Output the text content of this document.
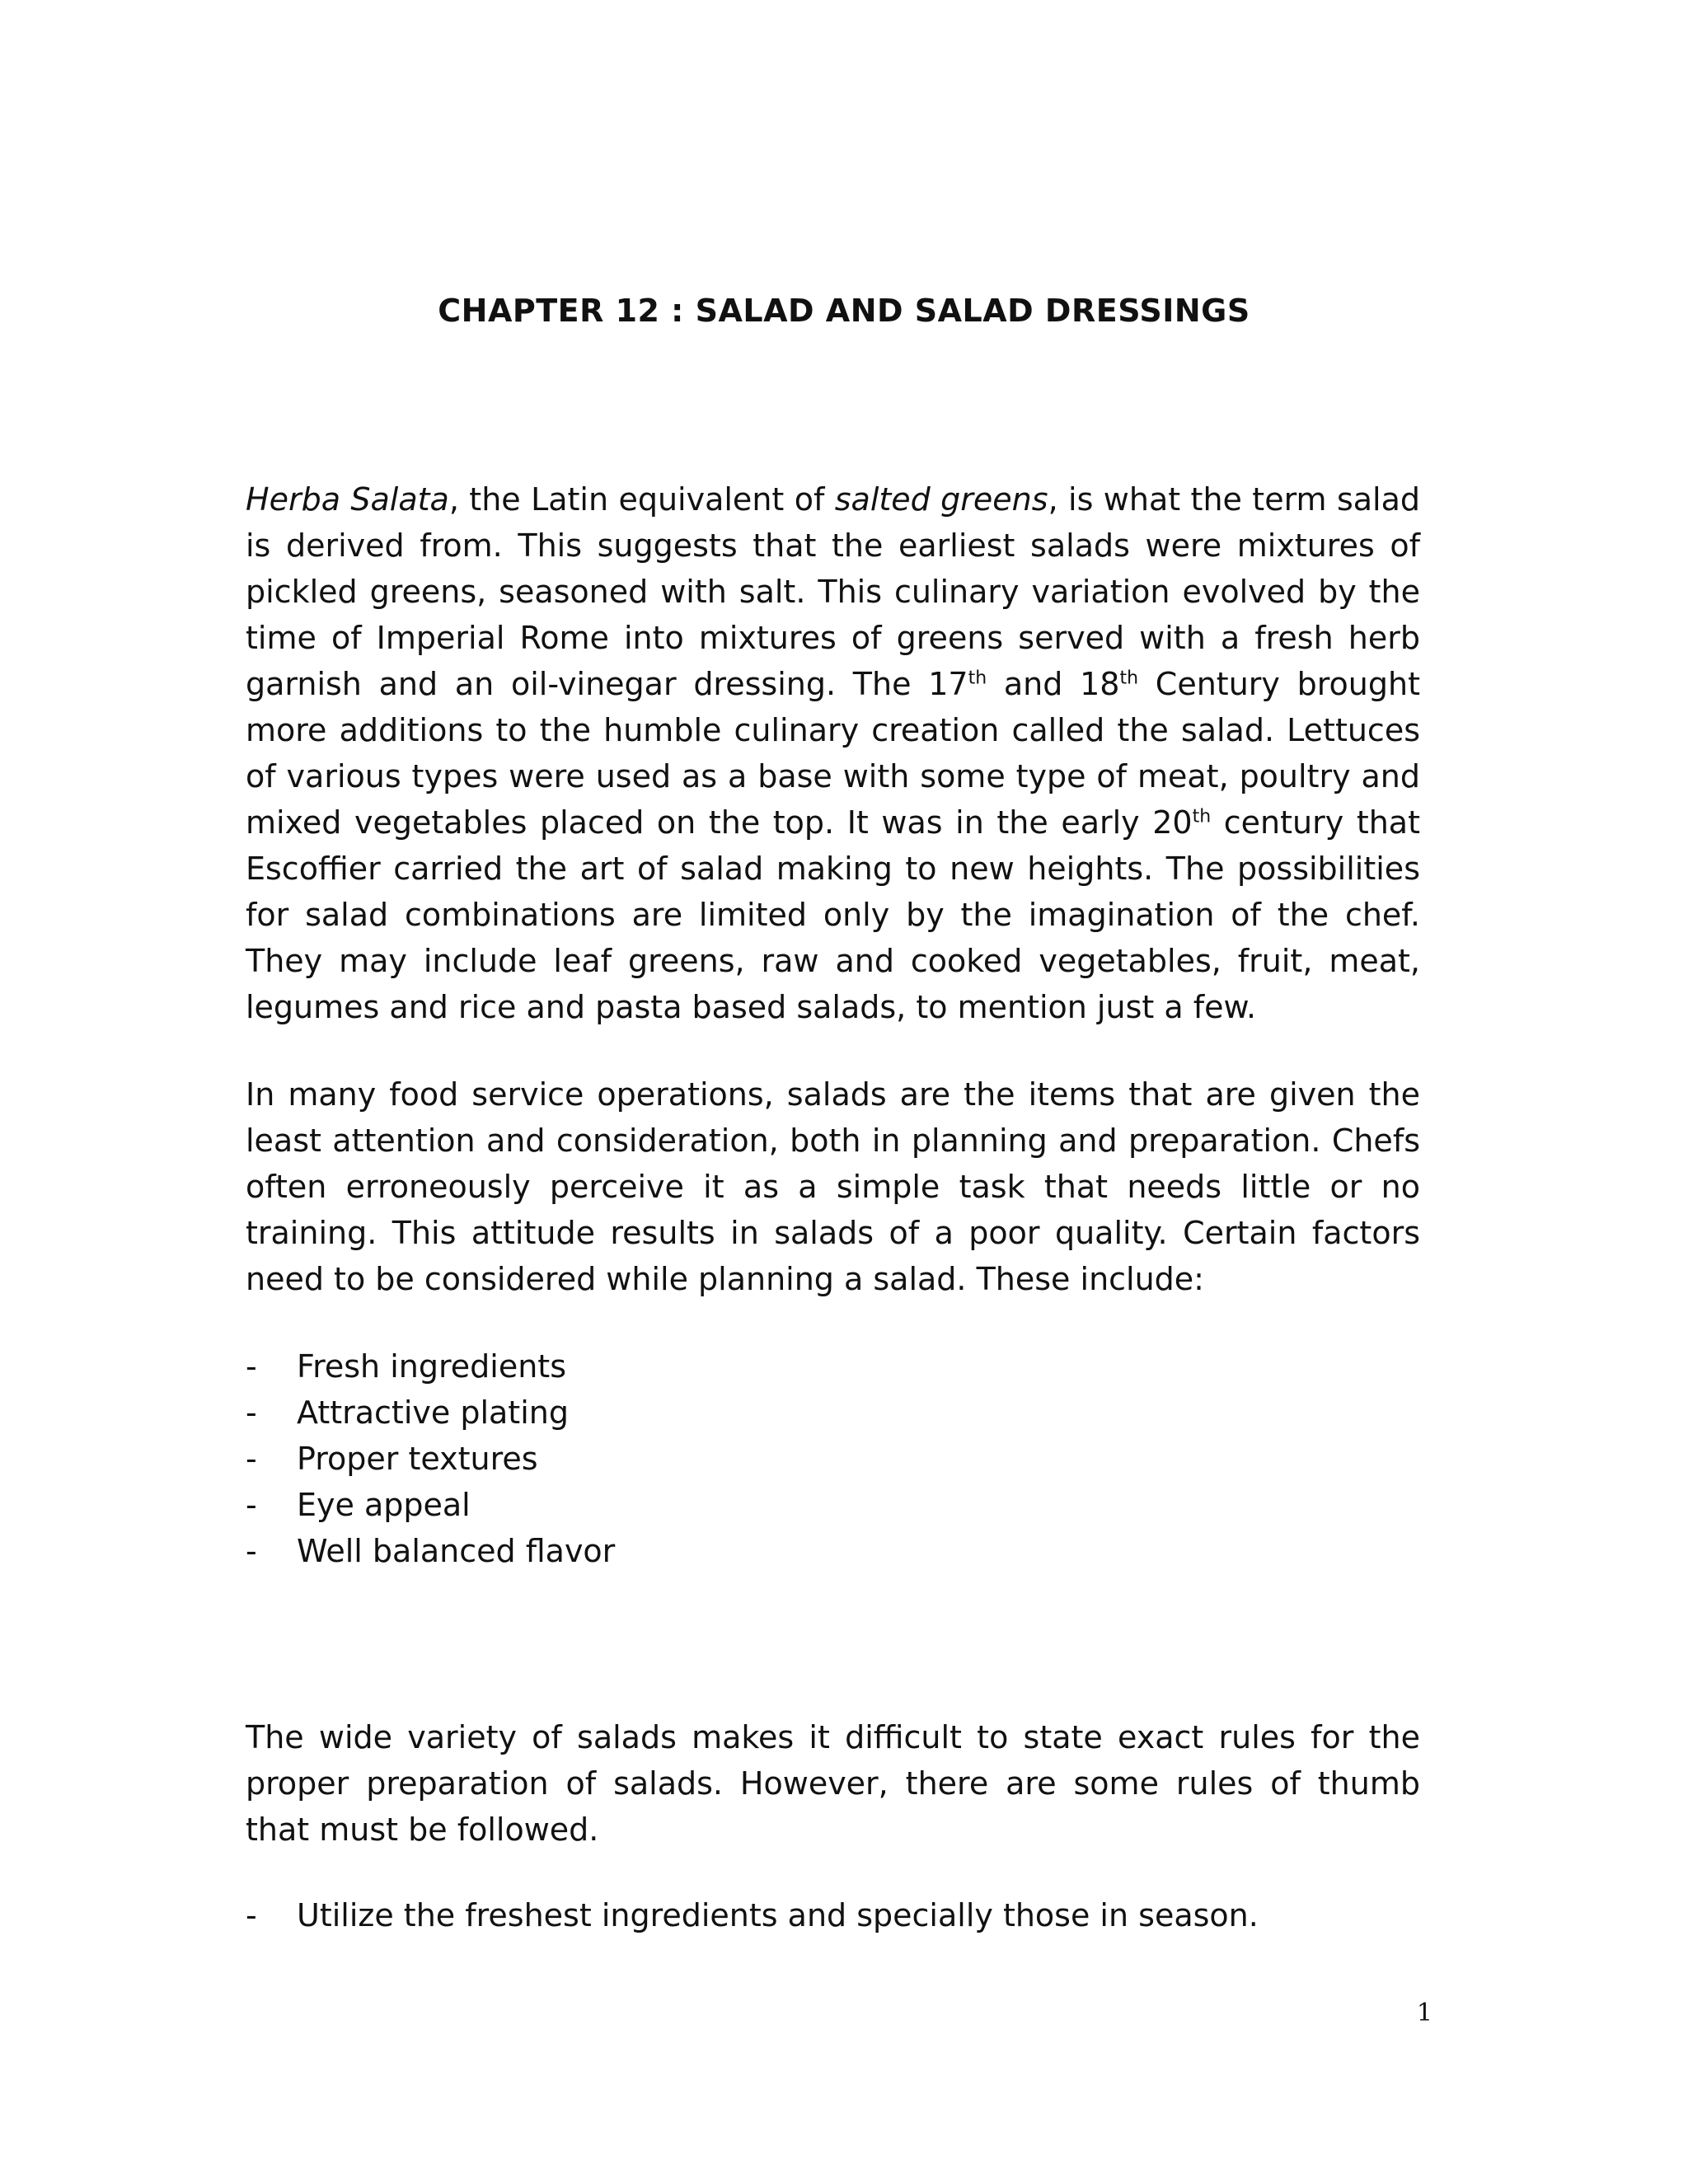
CHAPTER 12 : SALAD AND SALAD DRESSINGS
Herba Salata, the Latin equivalent of salted greens, is what the term salad is derived from. This suggests that the earliest salads were mixtures of pickled greens, seasoned with salt. This culinary variation evolved by the time of Imperial Rome into mixtures of greens served with a fresh herb garnish and an oil-vinegar dressing. The 17th and 18th Century brought more additions to the humble culinary creation called the salad. Lettuces of various types were used as a base with some type of meat, poultry and mixed vegetables placed on the top. It was in the early 20th century that Escoffier carried the art of salad making to new heights. The possibilities for salad combinations are limited only by the imagination of the chef. They may include leaf greens, raw and cooked vegetables, fruit, meat, legumes and rice and pasta based salads, to mention just a few.
In many food service operations, salads are the items that are given the least attention and consideration, both in planning and preparation. Chefs often erroneously perceive it as a simple task that needs little or no training. This attitude results in salads of a poor quality. Certain factors need to be considered while planning a salad. These include:
-	Fresh ingredients
-	Attractive plating
-	Proper textures
-	Eye appeal
-	Well balanced flavor
The wide variety of salads makes it difficult to state exact rules for the proper preparation of salads. However, there are some rules of thumb that must be followed.
-	Utilize the freshest ingredients and specially those in season.
1
